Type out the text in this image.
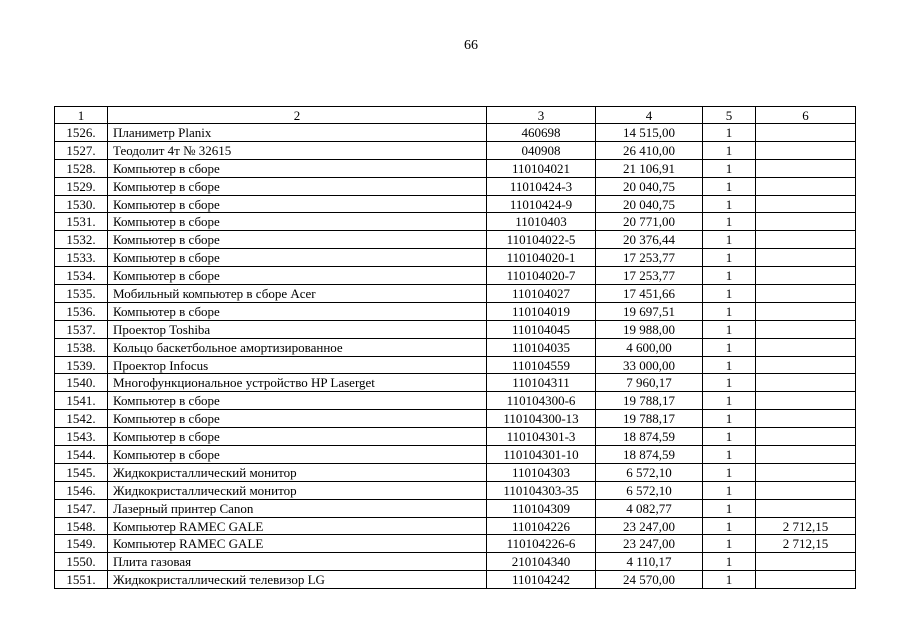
66
1	2	3	4	5	6
1526.	Планиметр Planix	460698	14 515,00	1	
1527.	Теодолит 4т № 32615	040908	26 410,00	1	
1528.	Компьютер в сборе	110104021	21 106,91	1	
1529.	Компьютер в сборе	11010424-3	20 040,75	1	
1530.	Компьютер в сборе	11010424-9	20 040,75	1	
1531.	Компьютер в сборе	11010403	20 771,00	1	
1532.	Компьютер в сборе	110104022-5	20 376,44	1	
1533.	Компьютер в сборе	110104020-1	17 253,77	1	
1534.	Компьютер в сборе	110104020-7	17 253,77	1	
1535.	Мобильный компьютер в сборе Acer	110104027	17 451,66	1	
1536.	Компьютер в сборе	110104019	19 697,51	1	
1537.	Проектор Toshiba	110104045	19 988,00	1	
1538.	Кольцо баскетбольное амортизированное	110104035	4 600,00	1	
1539.	Проектор Infocus	110104559	33 000,00	1	
1540.	Многофункциональное устройство HP Laserget	110104311	7 960,17	1	
1541.	Компьютер в сборе	110104300-6	19 788,17	1	
1542.	Компьютер в сборе	110104300-13	19 788,17	1	
1543.	Компьютер в сборе	110104301-3	18 874,59	1	
1544.	Компьютер в сборе	110104301-10	18 874,59	1	
1545.	Жидкокристаллический монитор	110104303	6 572,10	1	
1546.	Жидкокристаллический монитор	110104303-35	6 572,10	1	
1547.	Лазерный принтер Canon	110104309	4 082,77	1	
1548.	Компьютер RAMEC GALE	110104226	23 247,00	1	2 712,15
1549.	Компьютер RAMEC GALE	110104226-6	23 247,00	1	2 712,15
1550.	Плита газовая	210104340	4 110,17	1	
1551.	Жидкокристаллический телевизор LG	110104242	24 570,00	1	
